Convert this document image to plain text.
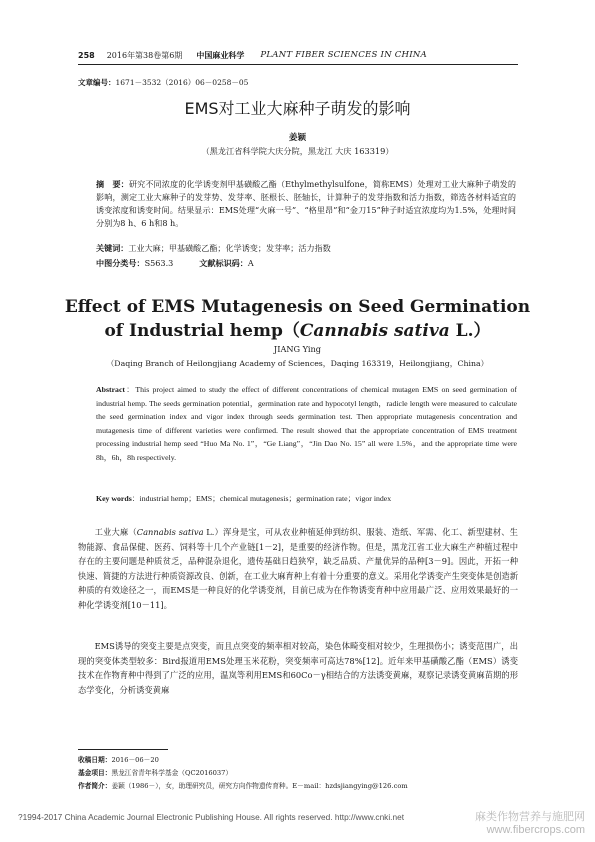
258 2016年第38卷第6期 中国麻业科学 PLANT FIBER SCIENCES IN CHINA
文章编号：1671－3532（2016）06－0258－05
EMS对工业大麻种子萌发的影响
姜颖
（黑龙江省科学院大庆分院，黑龙江 大庆 163319）
摘　要：研究不同浓度的化学诱变剂甲基磺酸乙酯（Ethylmethylsulfone，简称EMS）处理对工业大麻种子萌发的影响，测定工业大麻种子的发芽势、发芽率、胚根长、胚轴长，计算种子的发芽指数和活力指数，筛选各材料适宜的诱变浓度和诱变时间。结果显示：EMS处理“火麻一号”、“格里昂”和“金刀15”种子时适宜浓度均为1.5%，处理时间分别为8 h、6 h和8 h。
关键词：工业大麻；甲基磺酸乙酯；化学诱变；发芽率；活力指数
中图分类号：S563.3	文献标识码：A
Effect of EMS Mutagenesis on Seed Germination
of Industrial hemp（Cannabis sativa L.）
JIANG Ying
（Daqing Branch of Heilongjiang Academy of Sciences，Daqing 163319，Heilongjiang，China）
Abstract：This project aimed to study the effect of different concentrations of chemical mutagen EMS on seed germination of industrial hemp. The seeds germination potential，germination rate and hypocotyl length，radicle length were measured to calculate the seed germination index and vigor index through seeds germination test. Then appropriate mutagenesis concentration and mutagenesis time of different varieties were confirmed. The result showed that the appropriate concentration of EMS treatment processing industrial hemp seed “Huo Ma No. 1”，“Ge Liang”，“Jin Dao No. 15” all were 1.5%，and the appropriate time were 8h，6h，8h respectively.
Key words：industrial hemp；EMS；chemical mutagenesis；germination rate；vigor index

工业大麻（Cannabis sativa L.）浑身是宝，可从农业种植延伸到纺织、服装、造纸、军需、化工、新型建材、生物能源、食品保健、医药、饲料等十几个产业链[1－2]，是重要的经济作物。但是，黑龙江省工业大麻生产种植过程中存在的主要问题是种质贫乏，品种混杂退化，遗传基础日趋狭窄，缺乏品质、产量优异的品种[3－9]。因此，开拓一种快速、简捷的方法进行种质资源改良、创新，在工业大麻育种上有着十分重要的意义。采用化学诱变产生突变体是创造新种质的有效途径之一，而EMS是一种良好的化学诱变剂，目前已成为在作物诱变育种中应用最广泛、应用效果最好的一种化学诱变剂[10－11]。

EMS诱导的突变主要是点突变，而且点突变的频率相对较高，染色体畸变相对较少，生理损伤小；诱变范围广，出现的突变体类型较多：Bird报道用EMS处理玉米花粉，突变频率可高达78%[12]。近年来甲基磺酸乙酯（EMS）诱变技术在作物育种中得到了广泛的应用，温岚等利用EMS和60Co－γ相结合的方法诱变黄麻，观察记录诱变黄麻苗期的形态学变化，分析诱变黄麻

收稿日期：2016－06－20
基金项目：黑龙江省青年科学基金（QC2016037）
作者简介：姜颖（1986－），女，助理研究员，研究方向作物遗传育种。E－mail：hzdsjiangying@126.com
?1994-2017 China Academic Journal Electronic Publishing House. All rights reserved. http://www.cnki.net	麻类作物营养与施肥网
www.fibercrops.com
